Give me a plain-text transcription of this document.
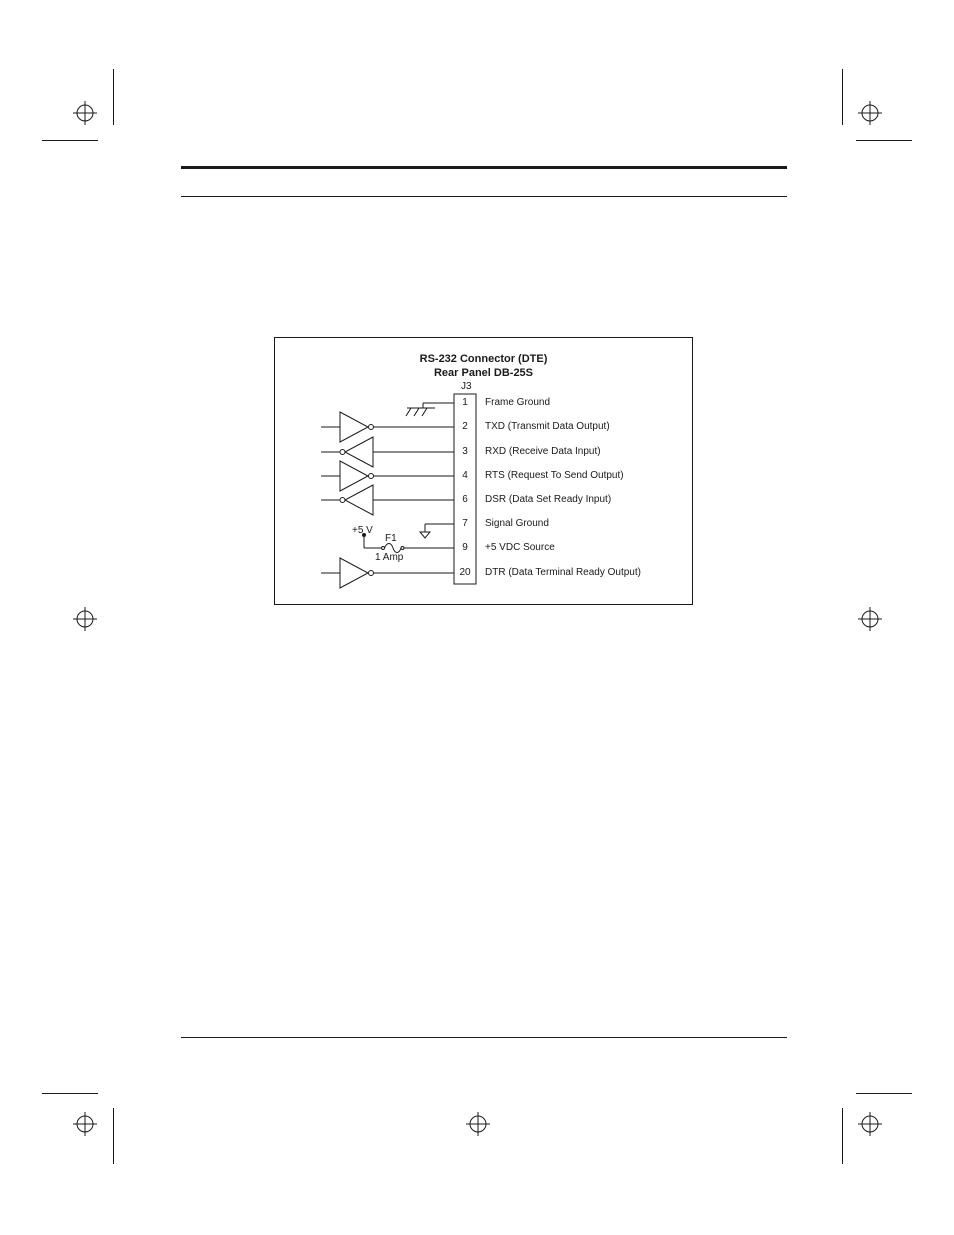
RS-232 Connector (DTE)
Rear Panel DB-25S
J3
1
2
3
4
6
7
9
20
Frame Ground
TXD (Transmit Data Output)
RXD (Receive Data Input)
RTS (Request To Send Output)
DSR (Data Set Ready Input)
Signal Ground
+5 VDC Source
DTR (Data Terminal Ready Output)
+5 V
F1
1 Amp
